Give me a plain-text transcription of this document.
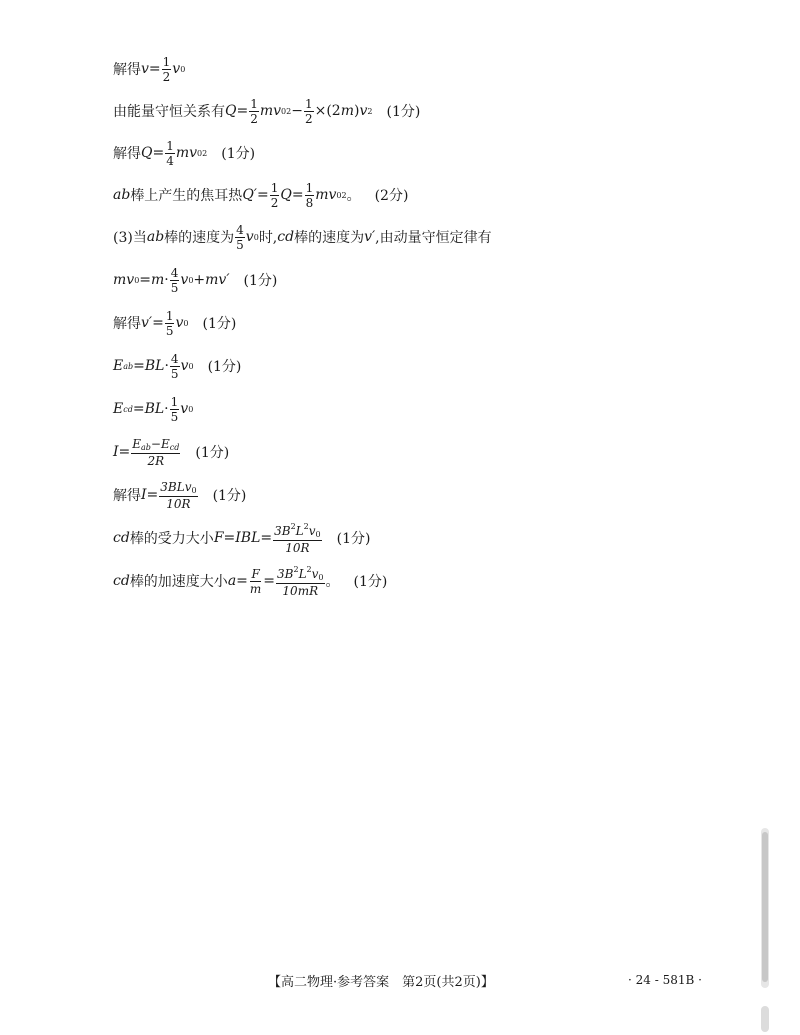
解得 $v = \frac{1}{2}$ v 0
由能量守恒关系有 $Q = \frac{1}{2}$ mv 0 $2 - \frac{1}{2} \times(2$ m ) v 2 (1分)
解得 $Q = \frac{1}{4}$ mv 0 2 (1分)
ab 棒上产生的焦耳热 $Q' = \frac{1}{2}$ $Q = \frac{1}{8}$ mv 0 2 。 (2分)
(3)当 ab 棒的速度为 $\frac{4}{5}$ v 0 时, cd 棒的速度为 v′ ,由动量守恒定律有
mv $0 = m \cdot \frac{4}{5}$ v 0 + mv′ (1分)
解得 $v' = \frac{1}{5}$ v 0 (1分)
E ab = BL · $\frac{4}{5}$ v 0 (1分)
E cd = BL · $\frac{1}{5}$ v 0
$I = \frac{E_{ab}-E_{cd}}{2R} (1$分)
解得 $I = \frac{3BLv_0}{10R} (1$分)
cd 棒的受力大小 F = IBL = $\frac{3B^2L^2v_0}{10R} (1$分)
cd 棒的加速度大小 $a = \frac{F}{m} = \frac{3B^2L^2v_0}{10mR}$ 。 (1分)
【高二物理·参考答案　第2页(共2页)】	· 24 - 581B ·
